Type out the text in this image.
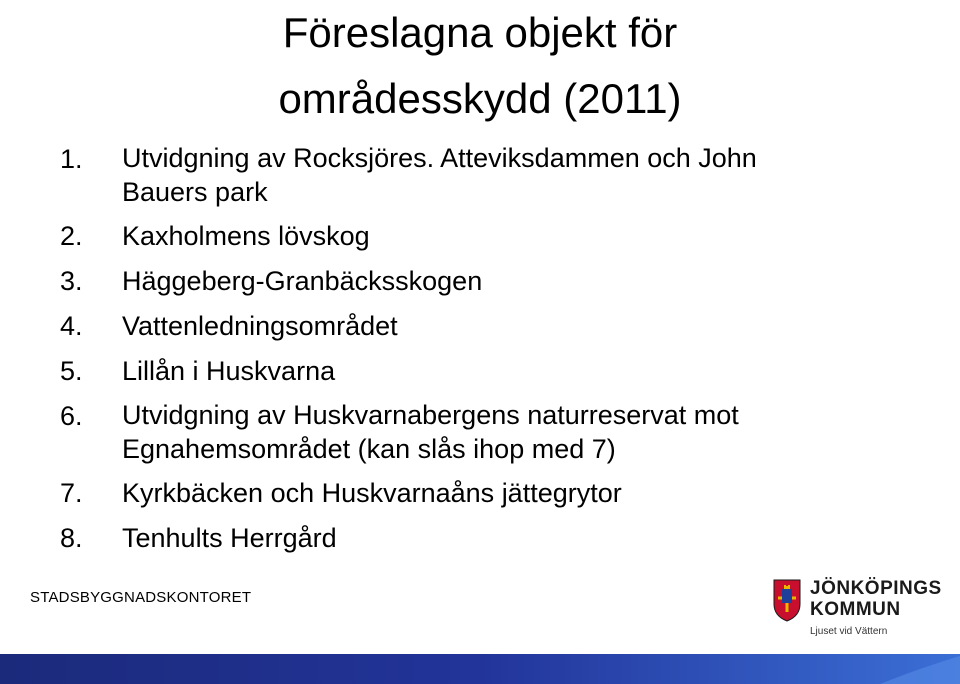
Föreslagna objekt för
områdesskydd (2011)
1. Utvidgning av Rocksjöres. Atteviksdammen och John
Bauers park
2. Kaxholmens lövskog
3. Häggeberg-Granbäcksskogen
4. Vattenledningsområdet
5. Lillån i Huskvarna
6. Utvidgning av Huskvarnabergens naturreservat mot
Egnahemsområdet (kan slås ihop med 7)
7. Kyrkbäcken och Huskvarnaåns jättegrytor
8. Tenhults Herrgård
STADSBYGGNADSKONTORET	JÖNKÖPINGS
KOMMUN
Ljuset vid Vättern
